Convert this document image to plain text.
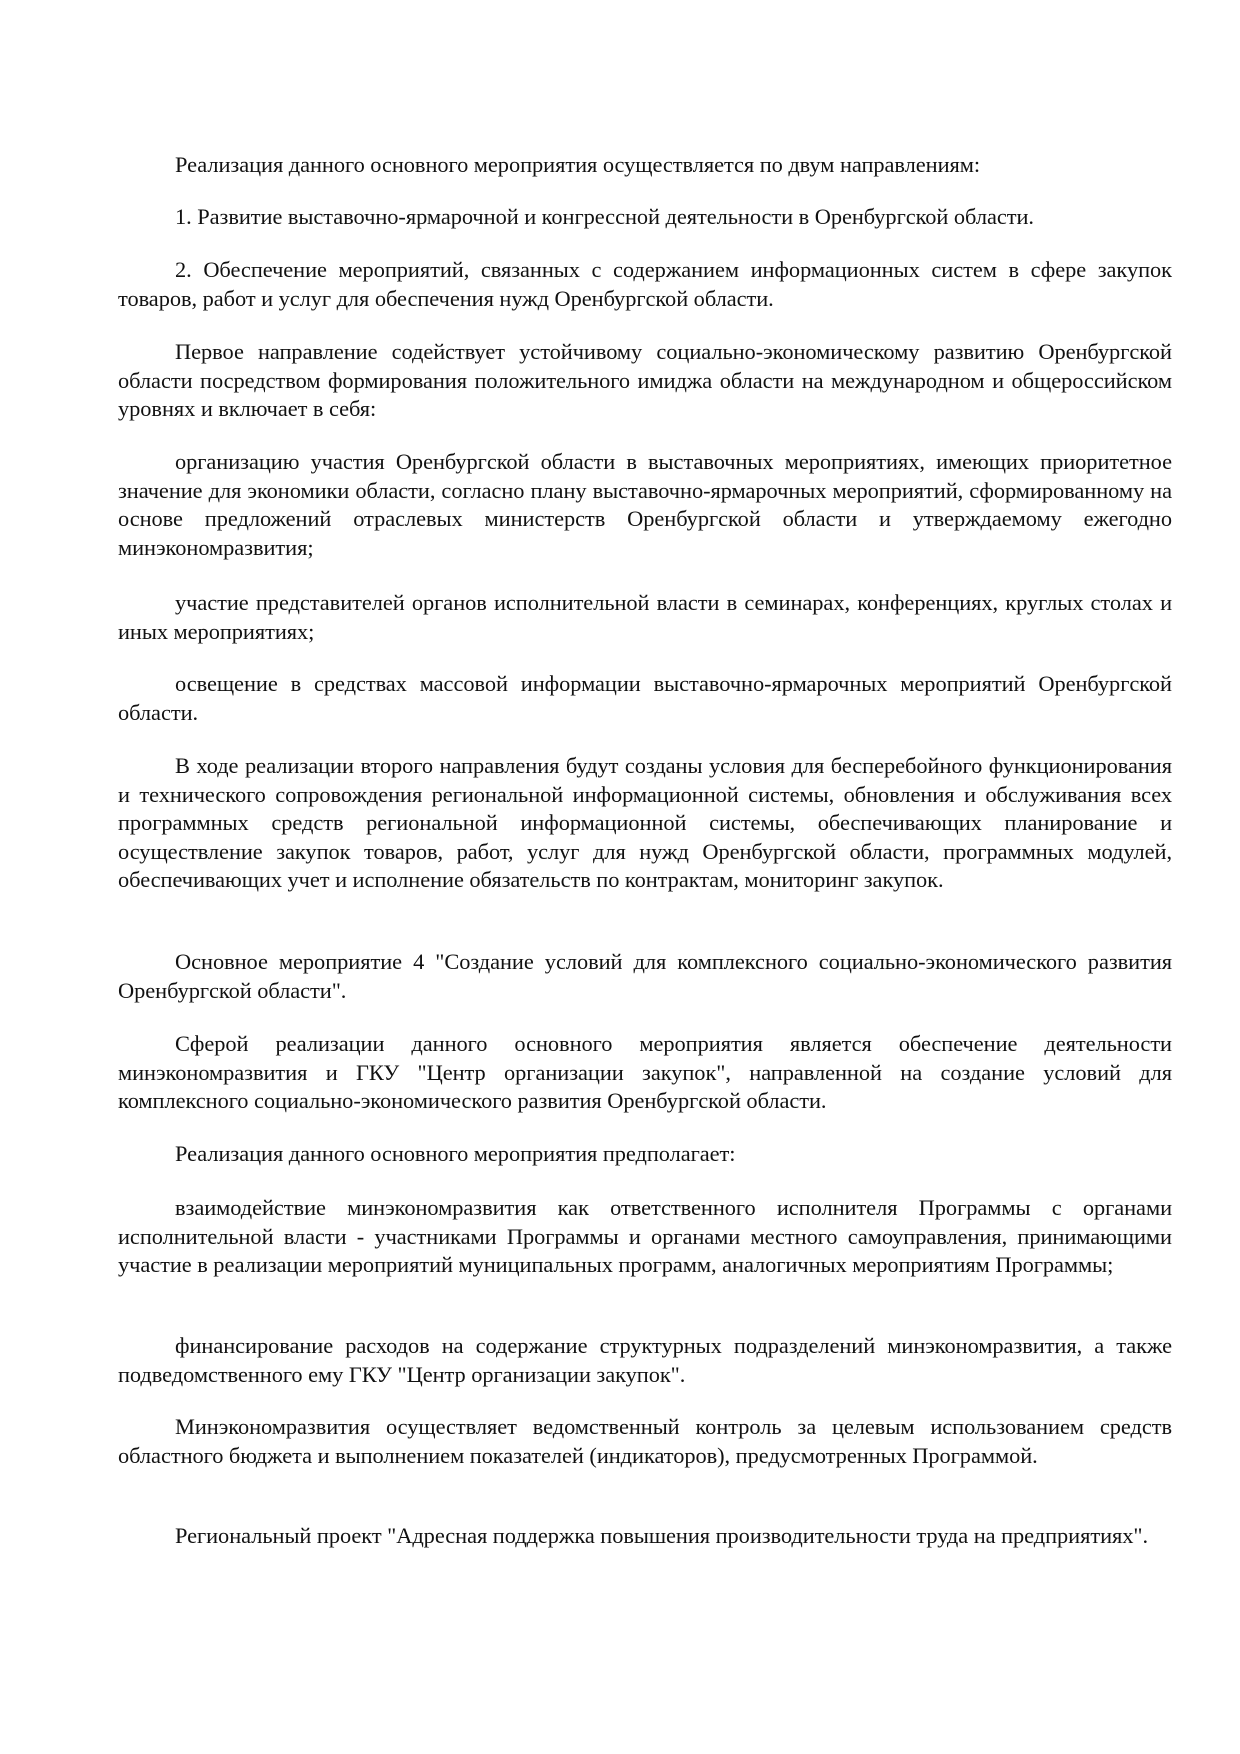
Реализация данного основного мероприятия осуществляется по двум направлениям:

1. Развитие выставочно-ярмарочной и конгрессной деятельности в Оренбургской области.

2. Обеспечение мероприятий, связанных с содержанием информационных систем в сфере закупок товаров, работ и услуг для обеспечения нужд Оренбургской области.

Первое направление содействует устойчивому социально-экономическому развитию Оренбургской области посредством формирования положительного имиджа области на международном и общероссийском уровнях и включает в себя:

организацию участия Оренбургской области в выставочных мероприятиях, имеющих приоритетное значение для экономики области, согласно плану выставочно-ярмарочных мероприятий, сформированному на основе предложений отраслевых министерств Оренбургской области и утверждаемому ежегодно минэкономразвития;

участие представителей органов исполнительной власти в семинарах, конференциях, круглых столах и иных мероприятиях;

освещение в средствах массовой информации выставочно-ярмарочных мероприятий Оренбургской области.

В ходе реализации второго направления будут созданы условия для бесперебойного функционирования и технического сопровождения региональной информационной системы, обновления и обслуживания всех программных средств региональной информационной системы, обеспечивающих планирование и осуществление закупок товаров, работ, услуг для нужд Оренбургской области, программных модулей, обеспечивающих учет и исполнение обязательств по контрактам, мониторинг закупок.

Основное мероприятие 4 "Создание условий для комплексного социально-экономического развития Оренбургской области".

Сферой реализации данного основного мероприятия является обеспечение деятельности минэкономразвития и ГКУ "Центр организации закупок", направленной на создание условий для комплексного социально-экономического развития Оренбургской области.

Реализация данного основного мероприятия предполагает:

взаимодействие минэкономразвития как ответственного исполнителя Программы с органами исполнительной власти - участниками Программы и органами местного самоуправления, принимающими участие в реализации мероприятий муниципальных программ, аналогичных мероприятиям Программы;

финансирование расходов на содержание структурных подразделений минэкономразвития, а также подведомственного ему ГКУ "Центр организации закупок".

Минэкономразвития осуществляет ведомственный контроль за целевым использованием средств областного бюджета и выполнением показателей (индикаторов), предусмотренных Программой.

Региональный проект "Адресная поддержка повышения производительности труда на предприятиях".
